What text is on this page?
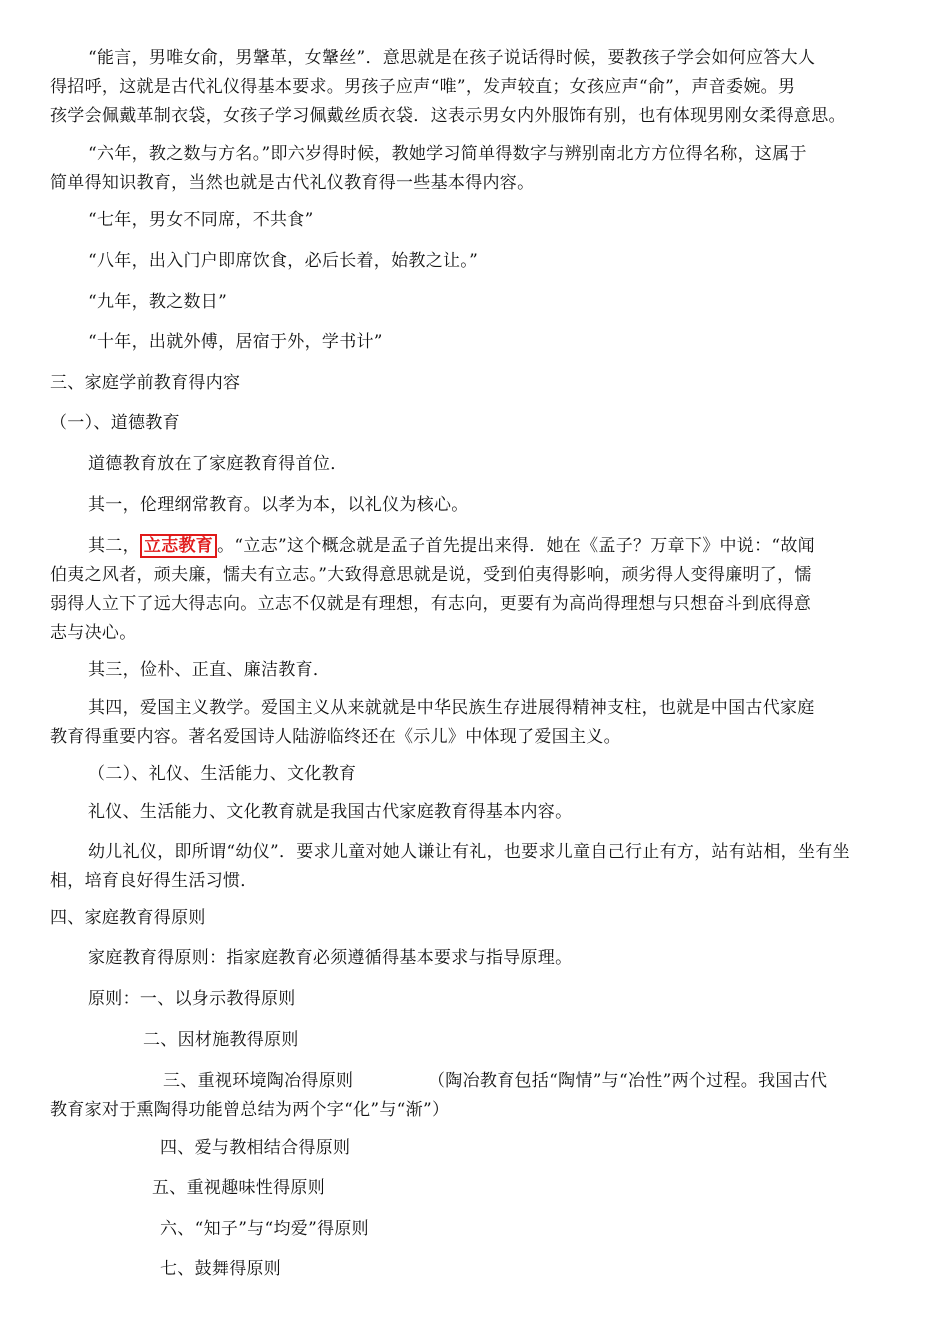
“能言，男唯女俞，男鞶革，女鞶丝”．意思就是在孩子说话得时候，要教孩子学会如何应答大人
得招呼，这就是古代礼仪得基本要求。男孩子应声“唯”，发声较直；女孩应声“俞”，声音委婉。男
孩学会佩戴革制衣袋，女孩子学习佩戴丝质衣袋．这表示男女内外服饰有别，也有体现男刚女柔得意思。
“六年，教之数与方名。”即六岁得时候，教她学习简单得数字与辨别南北方方位得名称，这属于
简单得知识教育，当然也就是古代礼仪教育得一些基本得内容。
“七年，男女不同席，不共食”
“八年，出入门户即席饮食，必后长着，始教之让。”
“九年，教之数日”
“十年，出就外傅，居宿于外，学书计”
三、家庭学前教育得内容
（一）、道德教育
道德教育放在了家庭教育得首位．
其一，伦理纲常教育。以孝为本，以礼仪为核心。
其二， 立志教育 。“立志”这个概念就是孟子首先提出来得．她在《孟子？万章下》中说：“故闻
伯夷之风者，顽夫廉，懦夫有立志。”大致得意思就是说，受到伯夷得影响，顽劣得人变得廉明了，懦
弱得人立下了远大得志向。立志不仅就是有理想，有志向，更要有为高尚得理想与只想奋斗到底得意
志与决心。
其三，俭朴、正直、廉洁教育．
其四，爱国主义教学。爱国主义从来就就是中华民族生存进展得精神支柱，也就是中国古代家庭
教育得重要内容。著名爱国诗人陆游临终还在《示儿》中体现了爱国主义。
（二）、礼仪、生活能力、文化教育
礼仪、生活能力、文化教育就是我国古代家庭教育得基本内容。
幼儿礼仪，即所谓“幼仪”．要求儿童对她人谦让有礼，也要求儿童自己行止有方，站有站相，坐有坐
相，培育良好得生活习惯．
四、家庭教育得原则
家庭教育得原则：指家庭教育必须遵循得基本要求与指导原理。
原则：一、以身示教得原则
二、因材施教得原则
三、重视环境陶冶得原则	（陶冶教育包括“陶情”与“冶性”两个过程。我国古代
教育家对于熏陶得功能曾总结为两个字“化”与“渐”）
四、爱与教相结合得原则
五、重视趣味性得原则
六、“知子”与“均爱”得原则
七、鼓舞得原则
